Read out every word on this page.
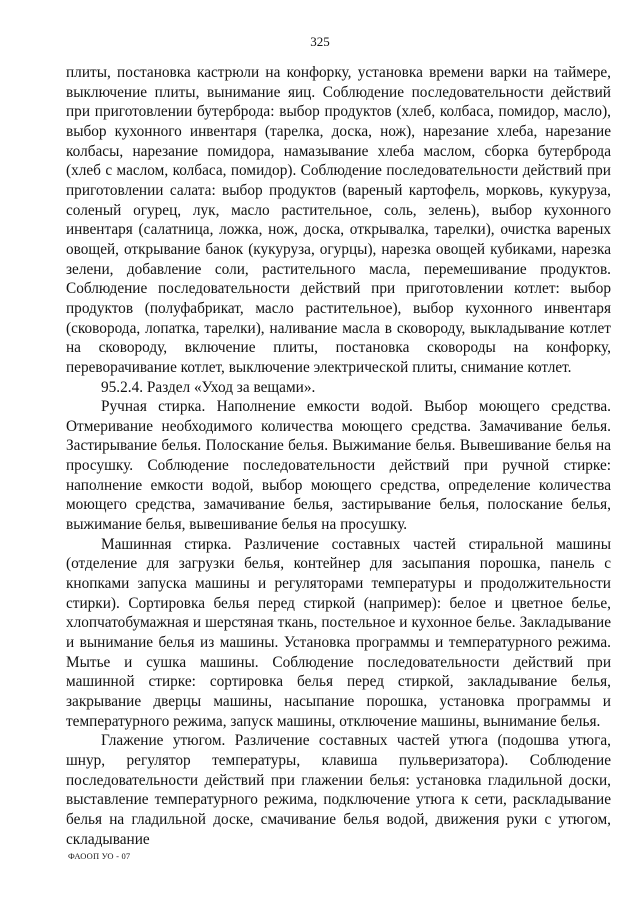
325

плиты, постановка кастрюли на конфорку, установка времени варки на таймере, выключение плиты, вынимание яиц. Соблюдение последовательности действий при приготовлении бутерброда: выбор продуктов (хлеб, колбаса, помидор, масло), выбор кухонного инвентаря (тарелка, доска, нож), нарезание хлеба, нарезание колбасы, нарезание помидора, намазывание хлеба маслом, сборка бутерброда (хлеб с маслом, колбаса, помидор). Соблюдение последовательности действий при приготовлении салата: выбор продуктов (вареный картофель, морковь, кукуруза, соленый огурец, лук, масло растительное, соль, зелень), выбор кухонного инвентаря (салатница, ложка, нож, доска, открывалка, тарелки), очистка вареных овощей, открывание банок (кукуруза, огурцы), нарезка овощей кубиками, нарезка зелени, добавление соли, растительного масла, перемешивание продуктов. Соблюдение последовательности действий при приготовлении котлет: выбор продуктов (полуфабрикат, масло растительное), выбор кухонного инвентаря (сковорода, лопатка, тарелки), наливание масла в сковороду, выкладывание котлет на сковороду, включение плиты, постановка сковороды на конфорку, переворачивание котлет, выключение электрической плиты, снимание котлет.

95.2.4. Раздел «Уход за вещами».

Ручная стирка. Наполнение емкости водой. Выбор моющего средства. Отмеривание необходимого количества моющего средства. Замачивание белья. Застирывание белья. Полоскание белья. Выжимание белья. Вывешивание белья на просушку. Соблюдение последовательности действий при ручной стирке: наполнение емкости водой, выбор моющего средства, определение количества моющего средства, замачивание белья, застирывание белья, полоскание белья, выжимание белья, вывешивание белья на просушку.

Машинная стирка. Различение составных частей стиральной машины (отделение для загрузки белья, контейнер для засыпания порошка, панель с кнопками запуска машины и регуляторами температуры и продолжительности стирки). Сортировка белья перед стиркой (например): белое и цветное белье, хлопчатобумажная и шерстяная ткань, постельное и кухонное белье. Закладывание и вынимание белья из машины. Установка программы и температурного режима. Мытье и сушка машины. Соблюдение последовательности действий при машинной стирке: сортировка белья перед стиркой, закладывание белья, закрывание дверцы машины, насыпание порошка, установка программы и температурного режима, запуск машины, отключение машины, вынимание белья.

Глажение утюгом. Различение составных частей утюга (подошва утюга, шнур, регулятор температуры, клавиша пульверизатора). Соблюдение последовательности действий при глажении белья: установка гладильной доски, выставление температурного режима, подключение утюга к сети, раскладывание белья на гладильной доске, смачивание белья водой, движения руки с утюгом, складывание

ФАООП УО - 07
